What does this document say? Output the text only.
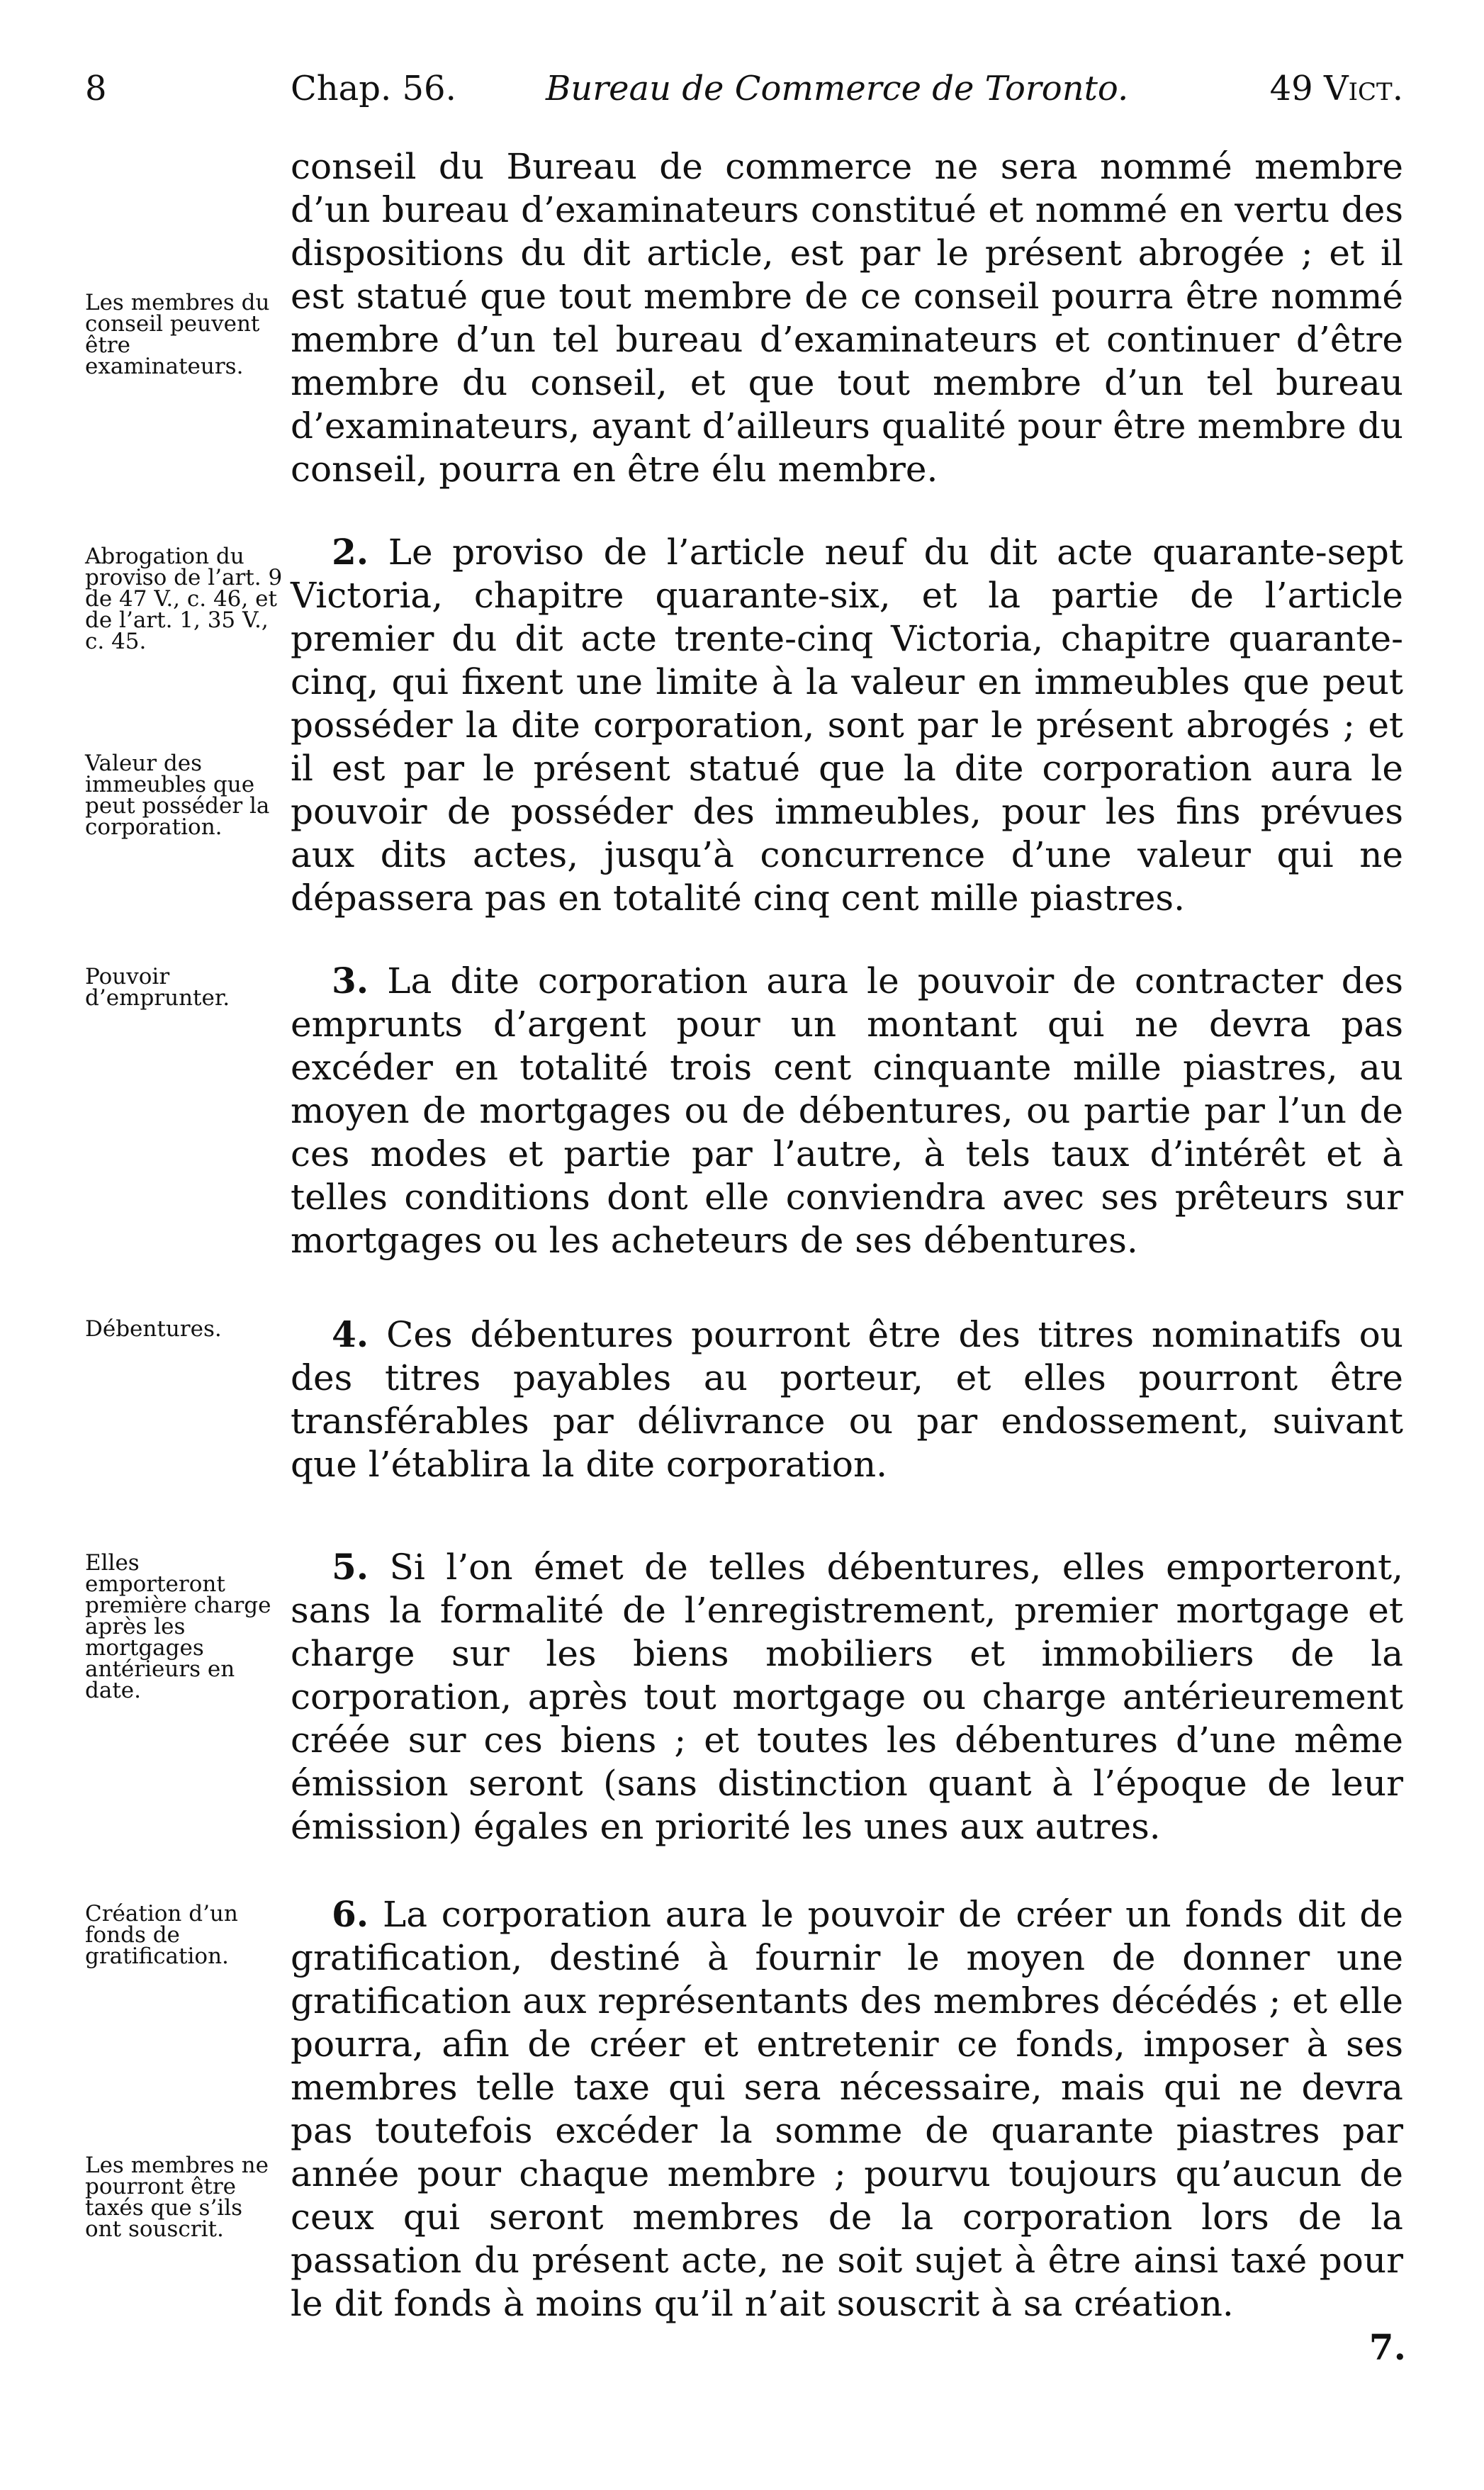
8	Chap. 56.	Bureau de Commerce de Toronto.	49 Vict.

conseil du Bureau de commerce ne sera nommé membre d’un bureau d’examinateurs constitué et nommé en vertu des dispositions du dit article, est par le présent abrogée ; et il est statué que tout membre de ce conseil pourra être nommé membre d’un tel bureau d’examinateurs et continuer d’être membre du conseil, et que tout membre d’un tel bureau d’examinateurs, ayant d’ailleurs qualité pour être membre du conseil, pourra en être élu membre.

2. Le proviso de l’article neuf du dit acte quarante-sept Victoria, chapitre quarante-six, et la partie de l’article premier du dit acte trente-cinq Victoria, chapitre quarante-cinq, qui fixent une limite à la valeur en immeubles que peut posséder la dite corporation, sont par le présent abrogés ; et il est par le présent statué que la dite corporation aura le pouvoir de posséder des immeubles, pour les fins prévues aux dits actes, jusqu’à concurrence d’une valeur qui ne dépassera pas en totalité cinq cent mille piastres.

3. La dite corporation aura le pouvoir de contracter des emprunts d’argent pour un montant qui ne devra pas excéder en totalité trois cent cinquante mille piastres, au moyen de mortgages ou de débentures, ou partie par l’un de ces modes et partie par l’autre, à tels taux d’intérêt et à telles conditions dont elle conviendra avec ses prêteurs sur mortgages ou les acheteurs de ses débentures.

4. Ces débentures pourront être des titres nominatifs ou des titres payables au porteur, et elles pourront être transférables par délivrance ou par endossement, suivant que l’établira la dite corporation.

5. Si l’on émet de telles débentures, elles emporteront, sans la formalité de l’enregistrement, premier mortgage et charge sur les biens mobiliers et immobiliers de la corporation, après tout mortgage ou charge antérieurement créée sur ces biens ; et toutes les débentures d’une même émission seront (sans distinction quant à l’époque de leur émission) égales en priorité les unes aux autres.

6. La corporation aura le pouvoir de créer un fonds dit de gratification, destiné à fournir le moyen de donner une gratification aux représentants des membres décédés ; et elle pourra, afin de créer et entretenir ce fonds, imposer à ses membres telle taxe qui sera nécessaire, mais qui ne devra pas toutefois excéder la somme de quarante piastres par année pour chaque membre ; pourvu toujours qu’aucun de ceux qui seront membres de la corporation lors de la passation du présent acte, ne soit sujet à être ainsi taxé pour le dit fonds à moins qu’il n’ait souscrit à sa création.

Les membres du conseil peuvent être examinateurs.
Abrogation du proviso de l’art. 9 de 47 V., c. 46, et de l’art. 1, 35 V., c. 45.
Valeur des immeubles que peut posséder la corporation.
Pouvoir d’emprunter.
Débentures.
Elles emporteront première charge après les mortgages antérieurs en date.
Création d’un fonds de gratification.
Les membres ne pourront être taxés que s’ils ont souscrit.
7.
